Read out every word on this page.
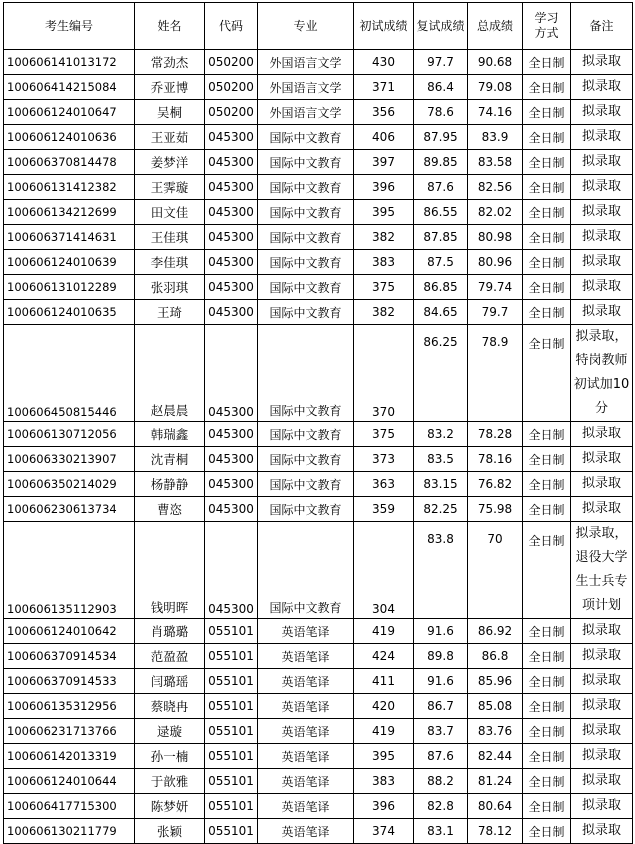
考生编号	姓名	代码	专业	初试成绩	复试成绩	总成绩	学习方式	备注
100606141013172	常劲杰	050200	外国语言文学	430	97.7	90.68	全日制	拟录取
100606414215084	乔亚博	050200	外国语言文学	371	86.4	79.08	全日制	拟录取
100606124010647	吴桐	050200	外国语言文学	356	78.6	74.16	全日制	拟录取
100606124010636	王亚茹	045300	国际中文教育	406	87.95	83.9	全日制	拟录取
100606370814478	姜梦洋	045300	国际中文教育	397	89.85	83.58	全日制	拟录取
100606131412382	王霁璇	045300	国际中文教育	396	87.6	82.56	全日制	拟录取
100606134212699	田文佳	045300	国际中文教育	395	86.55	82.02	全日制	拟录取
100606371414631	王佳琪	045300	国际中文教育	382	87.85	80.98	全日制	拟录取
100606124010639	李佳琪	045300	国际中文教育	383	87.5	80.96	全日制	拟录取
100606131012289	张羽琪	045300	国际中文教育	375	86.85	79.74	全日制	拟录取
100606124010635	王琦	045300	国际中文教育	382	84.65	79.7	全日制	拟录取
100606450815446	赵晨晨	045300	国际中文教育	370	86.25	78.9	全日制	拟录取，特岗教师初试加10分
100606130712056	韩瑞鑫	045300	国际中文教育	375	83.2	78.28	全日制	拟录取
100606330213907	沈青桐	045300	国际中文教育	373	83.5	78.16	全日制	拟录取
100606350214029	杨静静	045300	国际中文教育	363	83.15	76.82	全日制	拟录取
100606230613734	曹恣	045300	国际中文教育	359	82.25	75.98	全日制	拟录取
100606135112903	钱明晖	045300	国际中文教育	304	83.8	70	全日制	拟录取，退役大学生士兵专项计划
100606124010642	肖璐璐	055101	英语笔译	419	91.6	86.92	全日制	拟录取
100606370914534	范盈盈	055101	英语笔译	424	89.8	86.8	全日制	拟录取
100606370914533	闫璐瑶	055101	英语笔译	411	91.6	85.96	全日制	拟录取
100606135312956	蔡晓冉	055101	英语笔译	420	86.7	85.08	全日制	拟录取
100606231713766	逯璇	055101	英语笔译	419	83.7	83.76	全日制	拟录取
100606142013319	孙一楠	055101	英语笔译	395	87.6	82.44	全日制	拟录取
100606124010644	于歆雅	055101	英语笔译	383	88.2	81.24	全日制	拟录取
100606417715300	陈梦妍	055101	英语笔译	396	82.8	80.64	全日制	拟录取
100606130211779	张颖	055101	英语笔译	374	83.1	78.12	全日制	拟录取
